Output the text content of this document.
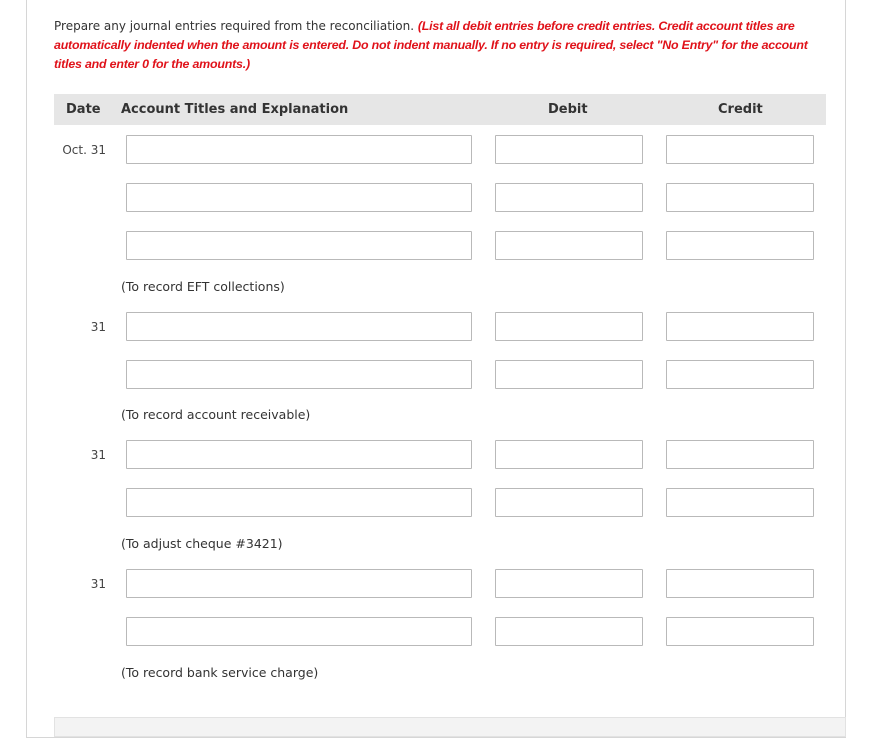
Prepare any journal entries required from the reconciliation. (List all debit entries before credit entries. Credit account titles are automatically indented when the amount is entered. Do not indent manually. If no entry is required, select "No Entry" for the account titles and enter 0 for the amounts.)
Date Account Titles and Explanation	Debit	Credit
Oct. 31
(To record EFT collections)
31
(To record account receivable)
31
(To adjust cheque #3421)
31
(To record bank service charge)
